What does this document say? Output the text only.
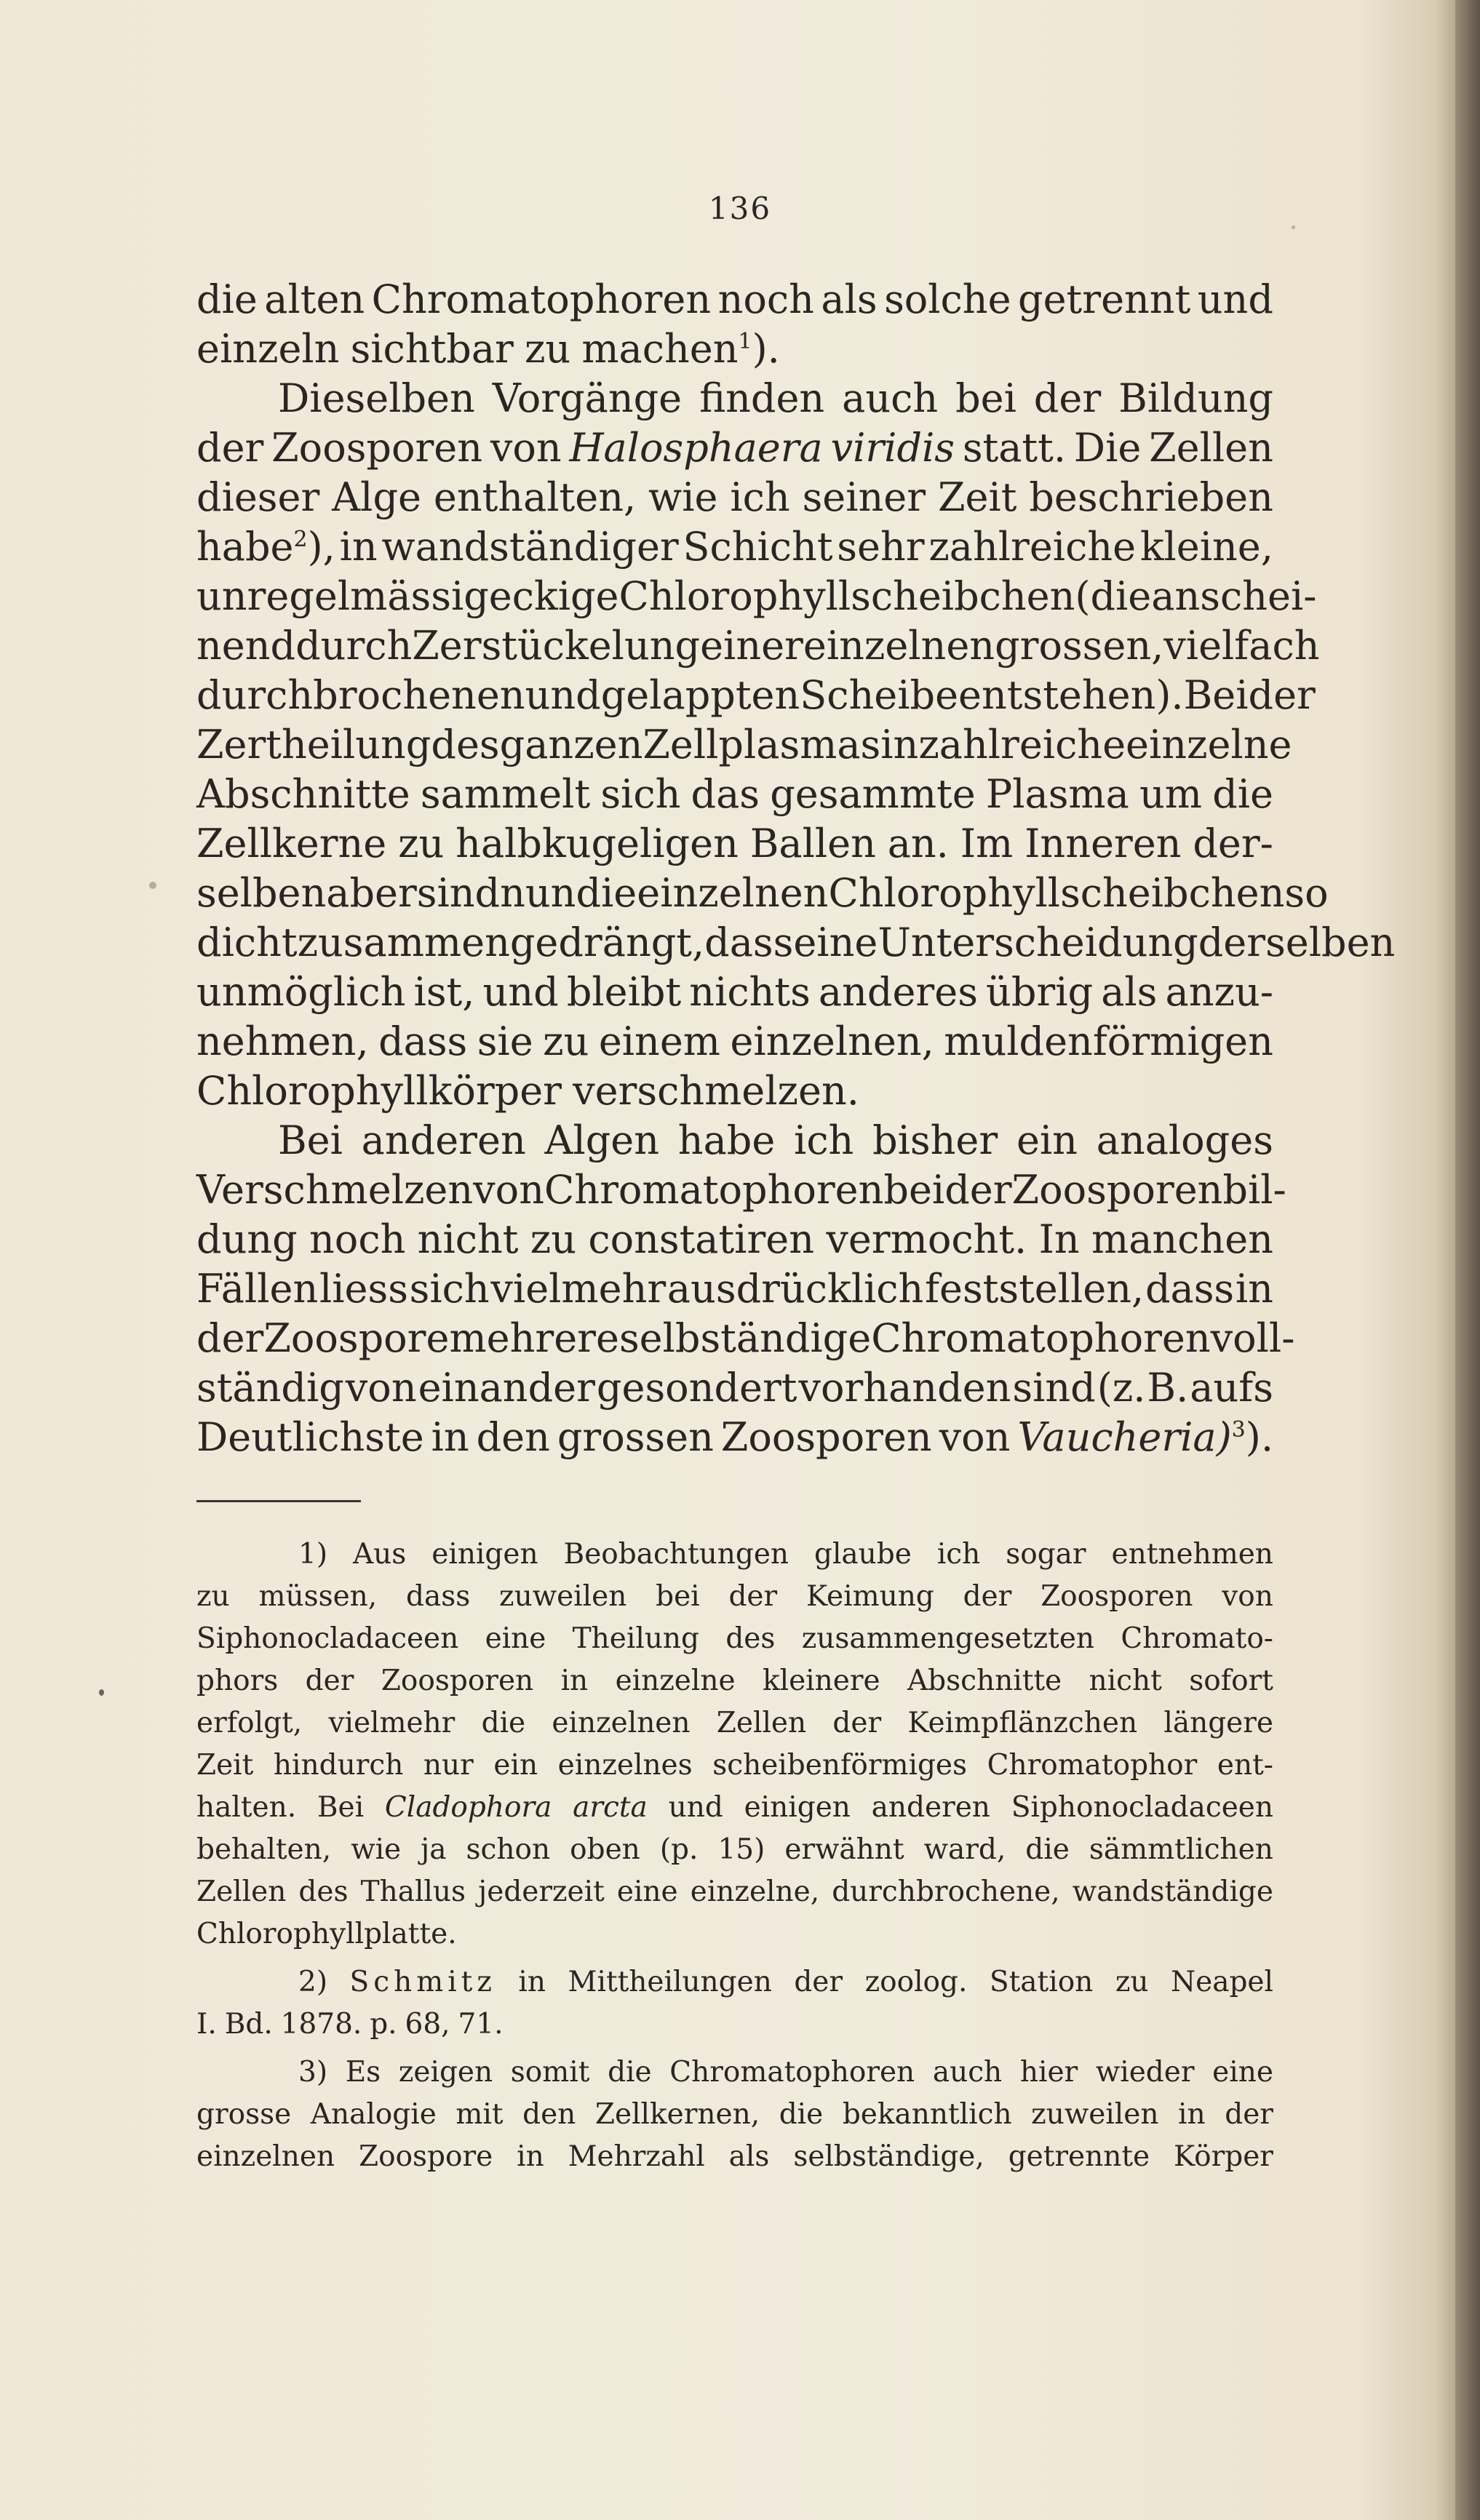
136
die alten Chromatophoren noch als solche getrennt und
einzeln sichtbar zu machen$^1$).
Dieselben Vorgänge finden auch bei der Bildung
der Zoosporen von Halosphaera viridis statt. Die Zellen
dieser Alge enthalten, wie ich seiner Zeit beschrieben
habe$^2$), in wandständiger Schicht sehr zahlreiche kleine,
unregelmässig eckige Chlorophyllscheibchen (die anschei-
nend durch Zerstückelung einer einzelnen grossen, vielfach
durchbrochenen und gelappten Scheibe entstehen). Bei der
Zertheilung des ganzen Zellplasmas in zahlreiche einzelne
Abschnitte sammelt sich das gesammte Plasma um die
Zellkerne zu halbkugeligen Ballen an. Im Inneren der-
selben aber sind nun die einzelnen Chlorophyllscheibchen so
dicht zusammengedrängt, dass eine Unterscheidung derselben
unmöglich ist, und bleibt nichts anderes übrig als anzu-
nehmen, dass sie zu einem einzelnen, muldenförmigen
Chlorophyllkörper verschmelzen.
Bei anderen Algen habe ich bisher ein analoges
Verschmelzen von Chromatophoren bei der Zoosporenbil-
dung noch nicht zu constatiren vermocht. In manchen
Fällen liess sich vielmehr ausdrücklich feststellen, dass in
der Zoospore mehrere selbständige Chromatophoren voll-
ständig von einander gesondert vorhanden sind (z. B. aufs
Deutlichste in den grossen Zoosporen von Vaucheria)$^3$).
1) Aus einigen Beobachtungen glaube ich sogar entnehmen
zu müssen, dass zuweilen bei der Keimung der Zoosporen von
Siphonocladaceen eine Theilung des zusammengesetzten Chromato-
phors der Zoosporen in einzelne kleinere Abschnitte nicht sofort
erfolgt, vielmehr die einzelnen Zellen der Keimpflänzchen längere
Zeit hindurch nur ein einzelnes scheibenförmiges Chromatophor ent-
halten. Bei Cladophora arcta und einigen anderen Siphonocladaceen
behalten, wie ja schon oben (p. 15) erwähnt ward, die sämmtlichen
Zellen des Thallus jederzeit eine einzelne, durchbrochene, wandständige
Chlorophyllplatte.
2) Schmitz in Mittheilungen der zoolog. Station zu Neapel
I. Bd. 1878. p. 68, 71.
3) Es zeigen somit die Chromatophoren auch hier wieder eine
grosse Analogie mit den Zellkernen, die bekanntlich zuweilen in der
einzelnen Zoospore in Mehrzahl als selbständige, getrennte Körper
